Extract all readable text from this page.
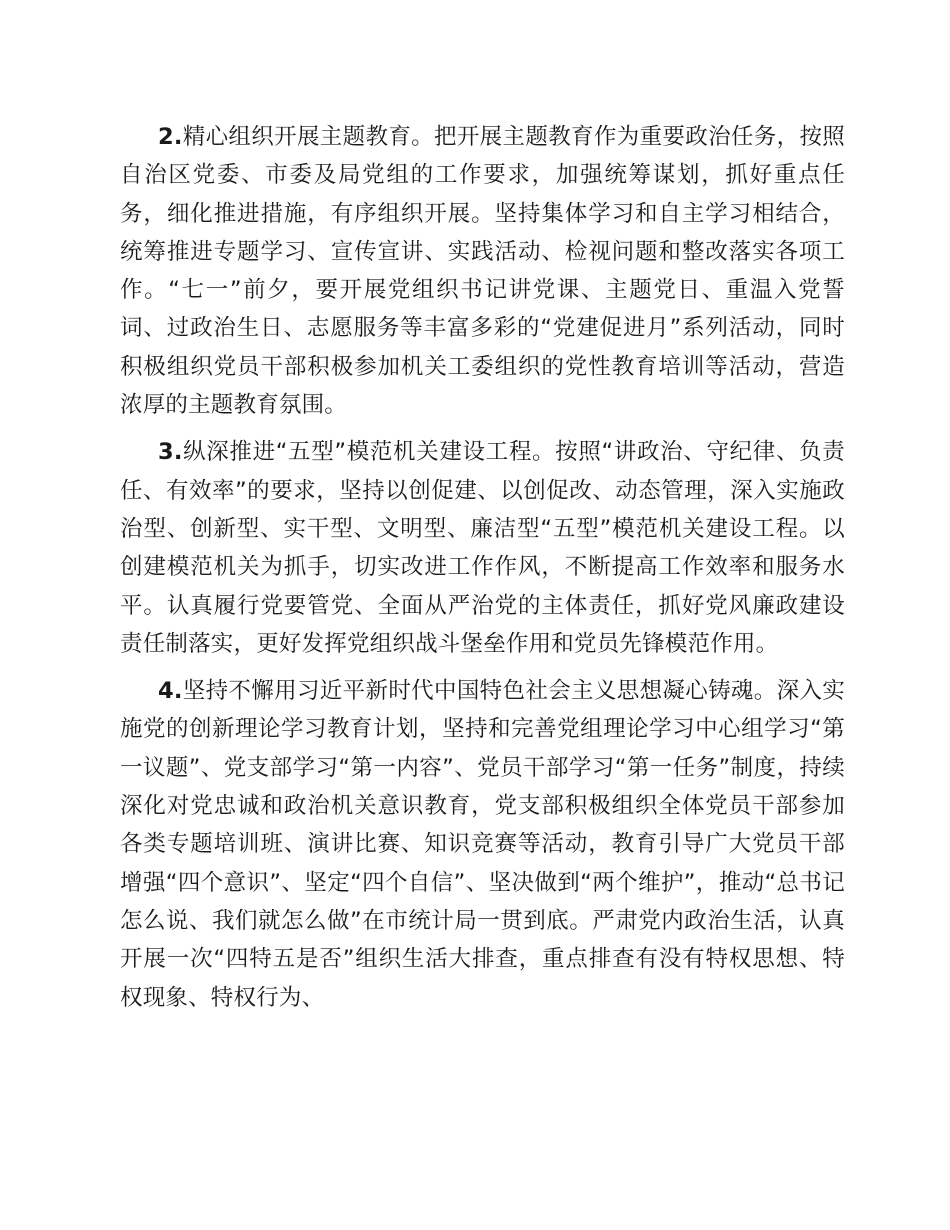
2.精心组织开展主题教育。把开展主题教育作为重要政治任务，按照自治区党委、市委及局党组的工作要求，加强统筹谋划，抓好重点任务，细化推进措施，有序组织开展。坚持集体学习和自主学习相结合，统筹推进专题学习、宣传宣讲、实践活动、检视问题和整改落实各项工作。“七一”前夕，要开展党组织书记讲党课、主题党日、重温入党誓词、过政治生日、志愿服务等丰富多彩的“党建促进月”系列活动，同时积极组织党员干部积极参加机关工委组织的党性教育培训等活动，营造浓厚的主题教育氛围。

3.纵深推进“五型”模范机关建设工程。按照“讲政治、守纪律、负责任、有效率”的要求，坚持以创促建、以创促改、动态管理，深入实施政治型、创新型、实干型、文明型、廉洁型“五型”模范机关建设工程。以创建模范机关为抓手，切实改进工作作风，不断提高工作效率和服务水平。认真履行党要管党、全面从严治党的主体责任，抓好党风廉政建设责任制落实，更好发挥党组织战斗堡垒作用和党员先锋模范作用。

4.坚持不懈用习近平新时代中国特色社会主义思想凝心铸魂。深入实施党的创新理论学习教育计划，坚持和完善党组理论学习中心组学习“第一议题”、党支部学习“第一内容”、党员干部学习“第一任务”制度，持续深化对党忠诚和政治机关意识教育，党支部积极组织全体党员干部参加各类专题培训班、演讲比赛、知识竞赛等活动，教育引导广大党员干部增强“四个意识”、坚定“四个自信”、坚决做到“两个维护”，推动“总书记怎么说、我们就怎么做”在市统计局一贯到底。严肃党内政治生活，认真开展一次“四特五是否”组织生活大排查，重点排查有没有特权思想、特权现象、特权行为、
